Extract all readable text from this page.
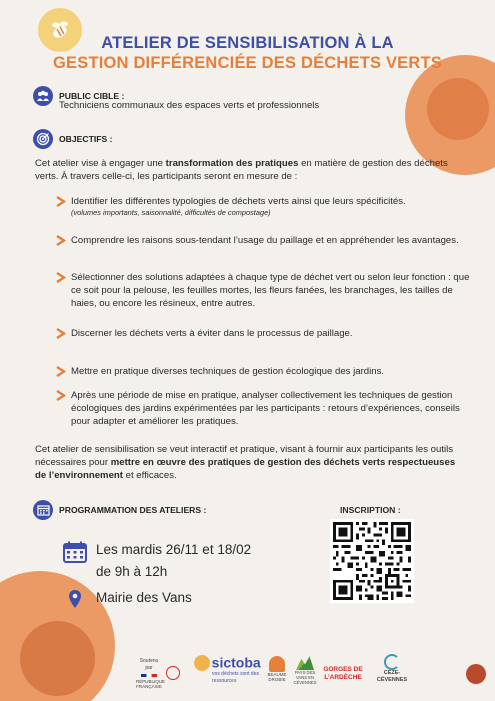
ATELIER DE SENSIBILISATION À LA
GESTION DIFFÉRENCIÉE DES DÉCHETS VERTS
PUBLIC CIBLE :

Techniciens communaux des espaces verts et professionnels

OBJECTIFS :

Cet atelier vise à engager une transformation des pratiques en matière de gestion des déchets verts. À travers celle-ci, les participants seront en mesure de :

Identifier les différentes typologies de déchets verts ainsi que leurs spécificités.
(volumes importants, saisonnalité, difficultés de compostage)
Comprendre les raisons sous-tendant l’usage du paillage et en appréhender les avantages.
Sélectionner des solutions adaptées à chaque type de déchet vert ou selon leur fonction : que ce soit pour la pelouse, les feuilles mortes, les fleurs fanées, les branchages, les tailles de haies, ou encore les résineux, entre autres.
Discerner les déchets verts à éviter dans le processus de paillage.
Mettre en pratique diverses techniques de gestion écologique des jardins.
Après une période de mise en pratique, analyser collectivement les techniques de gestion écologiques des jardins expérimentées par les participants : retours d’expériences, conseils pour adapter et améliorer les pratiques.

Cet atelier de sensibilisation se veut interactif et pratique, visant à fournir aux participants les outils nécessaires pour mettre en œuvre des pratiques de gestion des déchets verts respectueuses de l’environnement et efficaces.

PROGRAMMATION DES ATELIERS :
Les mardis 26/11 et 18/02
de 9h à 12h
Mairie des Vans
INSCRIPTION :
Soutenu par
RÉPUBLIQUE FRANÇAISE
sictoba
vos déchets sont des ressources
BEAUME DROBIE
PAYS DES VANS EN CÉVENNES
GORGES DE L’ARDÈCHE
CÈZE-CÉVENNES
